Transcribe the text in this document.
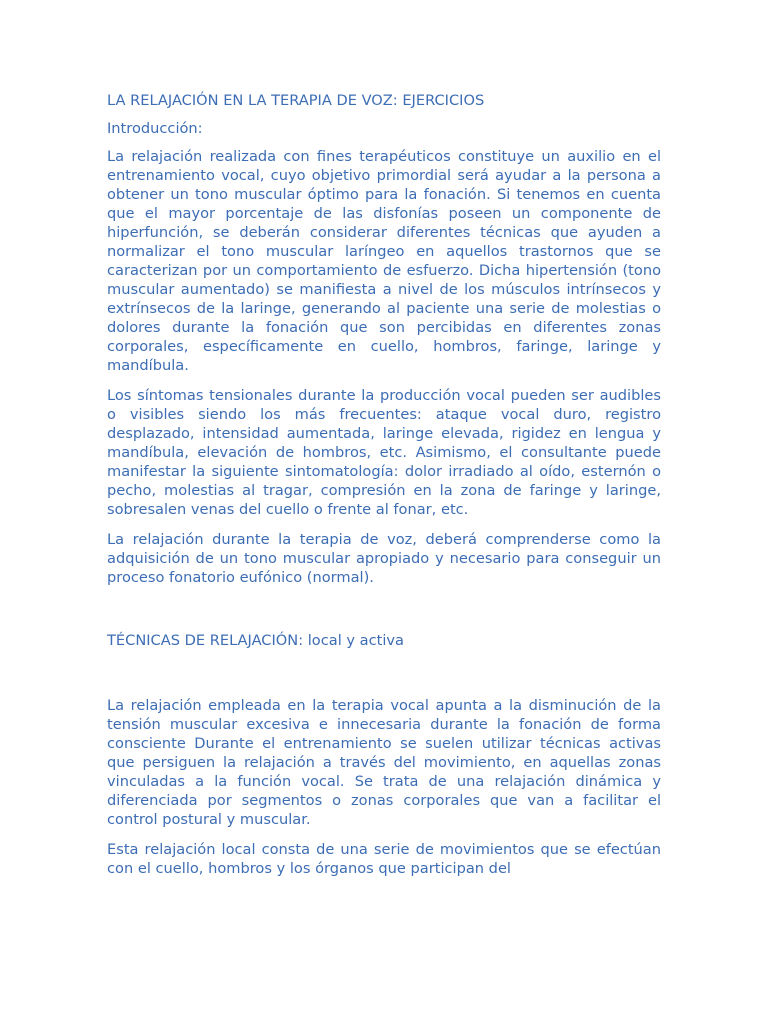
LA RELAJACIÓN EN LA TERAPIA DE VOZ: EJERCICIOS
Introducción:

La relajación realizada con fines terapéuticos constituye un auxilio en el entrenamiento vocal, cuyo objetivo primordial será ayudar a la persona a obtener un tono muscular óptimo para la fonación. Si tenemos en cuenta que el mayor porcentaje de las disfonías poseen un componente de hiperfunción, se deberán considerar diferentes técnicas que ayuden a normalizar el tono muscular laríngeo en aquellos trastornos que se caracterizan por un comportamiento de esfuerzo. Dicha hipertensión (tono muscular aumentado) se manifiesta a nivel de los músculos intrínsecos y extrínsecos de la laringe, generando al paciente una serie de molestias o dolores durante la fonación que son percibidas en diferentes zonas corporales, específicamente en cuello, hombros, faringe, laringe y mandíbula.

Los síntomas tensionales durante la producción vocal pueden ser audibles o visibles siendo los más frecuentes: ataque vocal duro, registro desplazado, intensidad aumentada, laringe elevada, rigidez en lengua y mandíbula, elevación de hombros, etc. Asimismo, el consultante puede manifestar la siguiente sintomatología: dolor irradiado al oído, esternón o pecho, molestias al tragar, compresión en la zona de faringe y laringe, sobresalen venas del cuello o frente al fonar, etc.

La relajación durante la terapia de voz, deberá comprenderse como la adquisición de un tono muscular apropiado y necesario para conseguir un proceso fonatorio eufónico (normal).

TÉCNICAS DE RELAJACIÓN: local y activa

La relajación empleada en la terapia vocal apunta a la disminución de la tensión muscular excesiva e innecesaria durante la fonación de forma consciente Durante el entrenamiento se suelen utilizar técnicas activas que persiguen la relajación a través del movimiento, en aquellas zonas vinculadas a la función vocal. Se trata de una relajación dinámica y diferenciada por segmentos o zonas corporales que van a facilitar el control postural y muscular.

Esta relajación local consta de una serie de movimientos que se efectúan con el cuello, hombros y los órganos que participan del
